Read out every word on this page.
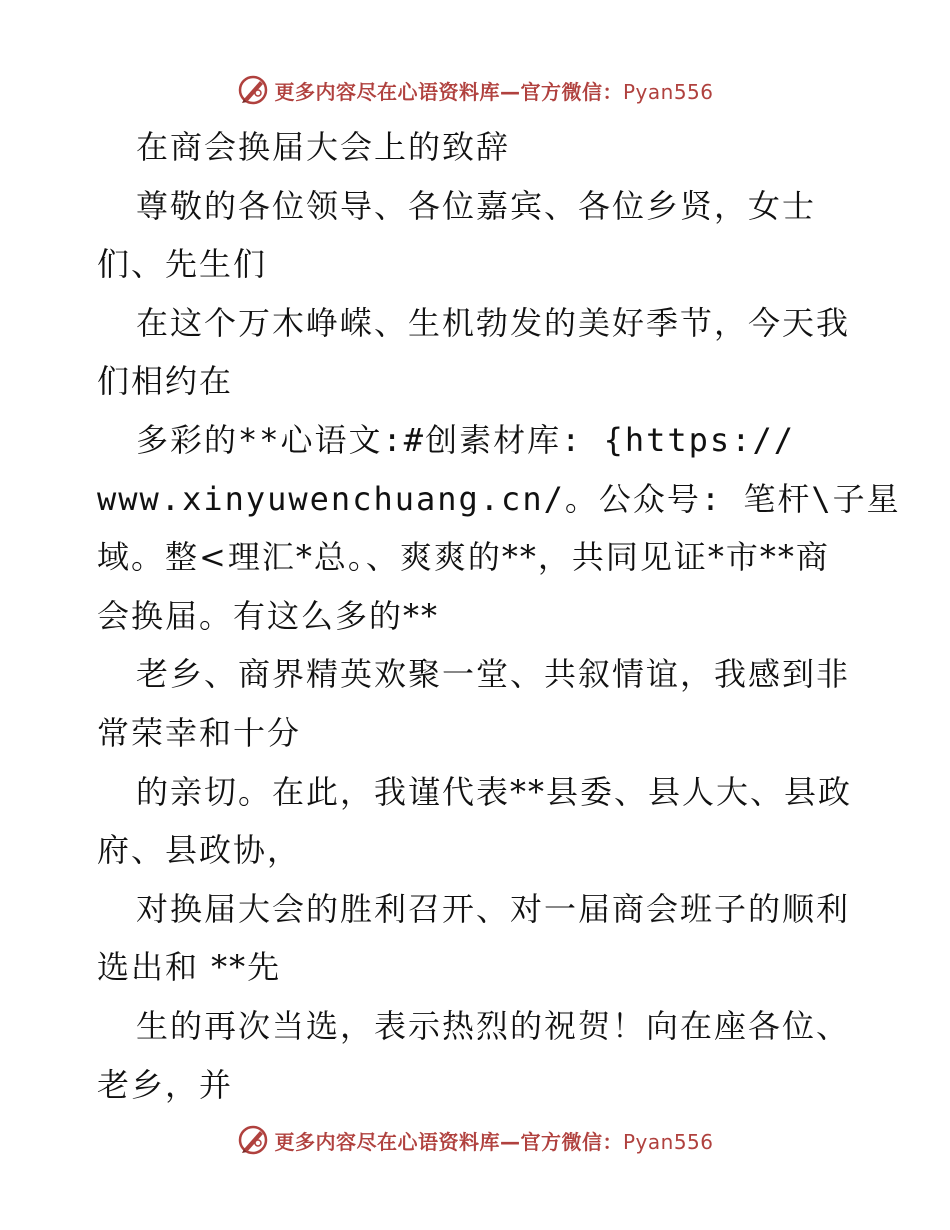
更多内容尽在心语资料库—官方微信：Pyan556
在商会换届大会上的致辞
尊敬的各位领导、各位嘉宾、各位乡贤，女士
们、先生们
在这个万木峥嵘、生机勃发的美好季节，今天我
们相约在
多彩的**心语文:#创素材库: {https://
www.xinyuwenchuang.cn/。公众号: 笔杆\子星
域。整<理汇*总。、爽爽的**，共同见证*市**商
会换届。有这么多的**
老乡、商界精英欢聚一堂、共叙情谊，我感到非
常荣幸和十分
的亲切。在此，我谨代表**县委、县人大、县政
府、县政协，
对换届大会的胜利召开、对一届商会班子的顺利
选出和 **先
生的再次当选，表示热烈的祝贺！向在座各位、
老乡，并
更多内容尽在心语资料库—官方微信：Pyan556
